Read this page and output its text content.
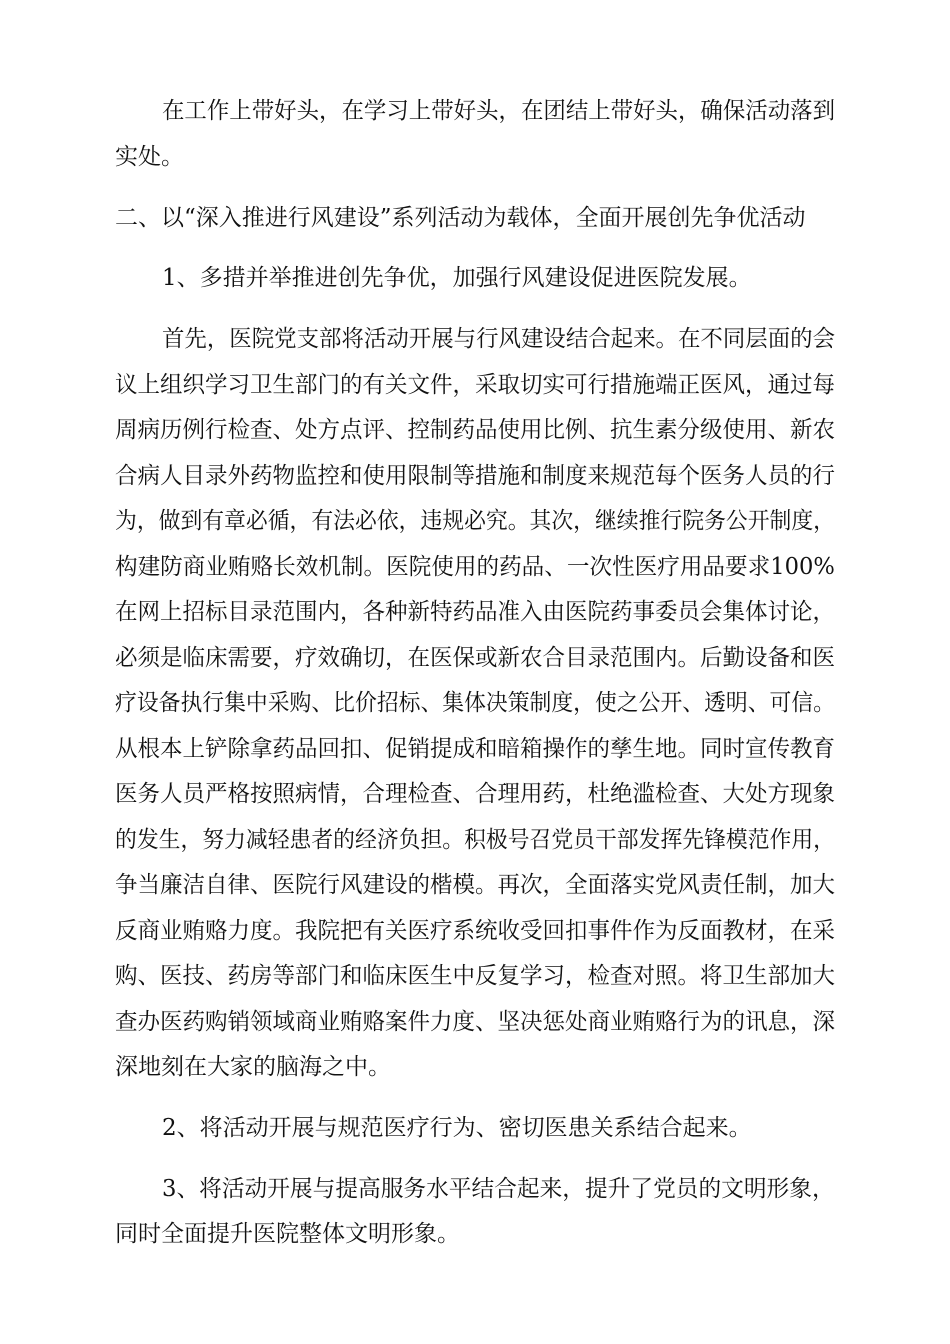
在工作上带好头，在学习上带好头，在团结上带好头，确保活动落到
实处。
二、以“深入推进行风建设”系列活动为载体，全面开展创先争优活动
1、多措并举推进创先争优，加强行风建设促进医院发展。
首先，医院党支部将活动开展与行风建设结合起来。在不同层面的会
议上组织学习卫生部门的有关文件，采取切实可行措施端正医风，通过每
周病历例行检查、处方点评、控制药品使用比例、抗生素分级使用、新农
合病人目录外药物监控和使用限制等措施和制度来规范每个医务人员的行
为，做到有章必循，有法必依，违规必究。其次，继续推行院务公开制度，
构建防商业贿赂长效机制。医院使用的药品、一次性医疗用品要求100%
在网上招标目录范围内，各种新特药品准入由医院药事委员会集体讨论，
必须是临床需要，疗效确切，在医保或新农合目录范围内。后勤设备和医
疗设备执行集中采购、比价招标、集体决策制度，使之公开、透明、可信。
从根本上铲除拿药品回扣、促销提成和暗箱操作的孳生地。同时宣传教育
医务人员严格按照病情，合理检查、合理用药，杜绝滥检查、大处方现象
的发生，努力减轻患者的经济负担。积极号召党员干部发挥先锋模范作用，
争当廉洁自律、医院行风建设的楷模。再次，全面落实党风责任制，加大
反商业贿赂力度。我院把有关医疗系统收受回扣事件作为反面教材，在采
购、医技、药房等部门和临床医生中反复学习，检查对照。将卫生部加大
查办医药购销领域商业贿赂案件力度、坚决惩处商业贿赂行为的讯息，深
深地刻在大家的脑海之中。
2、将活动开展与规范医疗行为、密切医患关系结合起来。
3、将活动开展与提高服务水平结合起来，提升了党员的文明形象，
同时全面提升医院整体文明形象。
